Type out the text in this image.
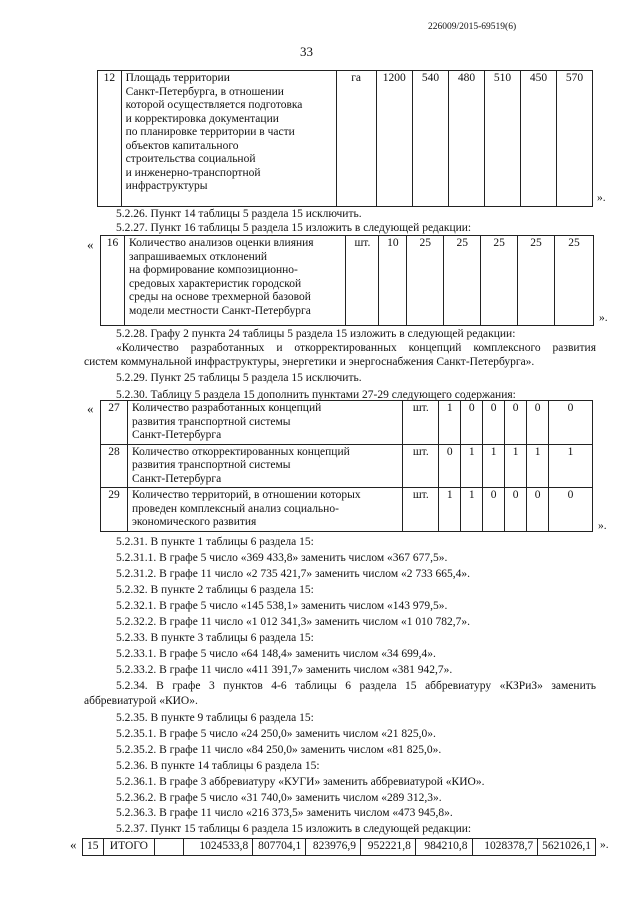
226009/2015-69519(6)
33
12	Площадь территории
Санкт-Петербурга, в отношении
которой осуществляется подготовка
и корректировка документации
по планировке территории в части
объектов капитального
строительства социальной
и инженерно-транспортной
инфраструктуры
	га	1200	540	480	510	450	570
».
5.2.26. Пункт 14 таблицы 5 раздела 15 исключить.
5.2.27. Пункт 16 таблицы 5 раздела 15 изложить в следующей редакции:
« 16	Количество анализов оценки влияния
запрашиваемых отклонений
на формирование композиционно-
средовых характеристик городской
среды на основе трехмерной базовой
модели местности Санкт-Петербурга
	шт.	10	25	25	25	25	25
».
5.2.28. Графу 2 пункта 24 таблицы 5 раздела 15 изложить в следующей редакции:
«Количество разработанных и откорректированных концепций комплексного развития
систем коммунальной инфраструктуры, энергетики и энергоснабжения Санкт-Петербурга».
5.2.29. Пункт 25 таблицы 5 раздела 15 исключить.
5.2.30. Таблицу 5 раздела 15 дополнить пунктами 27-29 следующего содержания:
« 27	Количество разработанных концепций
развития транспортной системы
Санкт-Петербурга	шт.	1	0	0	0	0	0
28	Количество откорректированных концепций
развития транспортной системы
Санкт-Петербурга	шт.	0	1	1	1	1	1
29	Количество территорий, в отношении которых
проведен комплексный анализ социально-
экономического развития	шт.	1	1	0	0	0	0
».
5.2.31. В пункте 1 таблицы 6 раздела 15:
5.2.31.1. В графе 5 число «369 433,8» заменить числом «367 677,5».
5.2.31.2. В графе 11 число «2 735 421,7» заменить числом «2 733 665,4».
5.2.32. В пункте 2 таблицы 6 раздела 15:
5.2.32.1. В графе 5 число «145 538,1» заменить числом «143 979,5».
5.2.32.2. В графе 11 число «1 012 341,3» заменить числом «1 010 782,7».
5.2.33. В пункте 3 таблицы 6 раздела 15:
5.2.33.1. В графе 5 число «64 148,4» заменить числом «34 699,4».
5.2.33.2. В графе 11 число «411 391,7» заменить числом «381 942,7».
5.2.34. В графе 3 пунктов 4-6 таблицы 6 раздела 15 аббревиатуру «КЗРиЗ» заменить
аббревиатурой «КИО».
5.2.35. В пункте 9 таблицы 6 раздела 15:
5.2.35.1. В графе 5 число «24 250,0» заменить числом «21 825,0».
5.2.35.2. В графе 11 число «84 250,0» заменить числом «81 825,0».
5.2.36. В пункте 14 таблицы 6 раздела 15:
5.2.36.1. В графе 3 аббревиатуру «КУГИ» заменить аббревиатурой «КИО».
5.2.36.2. В графе 5 число «31 740,0» заменить числом «289 312,3».
5.2.36.3. В графе 11 число «216 373,5» заменить числом «473 945,8».
5.2.37. Пункт 15 таблицы 6 раздела 15 изложить в следующей редакции:
« 15	ИТОГО		1024533,8	807704,1	823976,9	952221,8	984210,8	1028378,7	5621026,1 ».
